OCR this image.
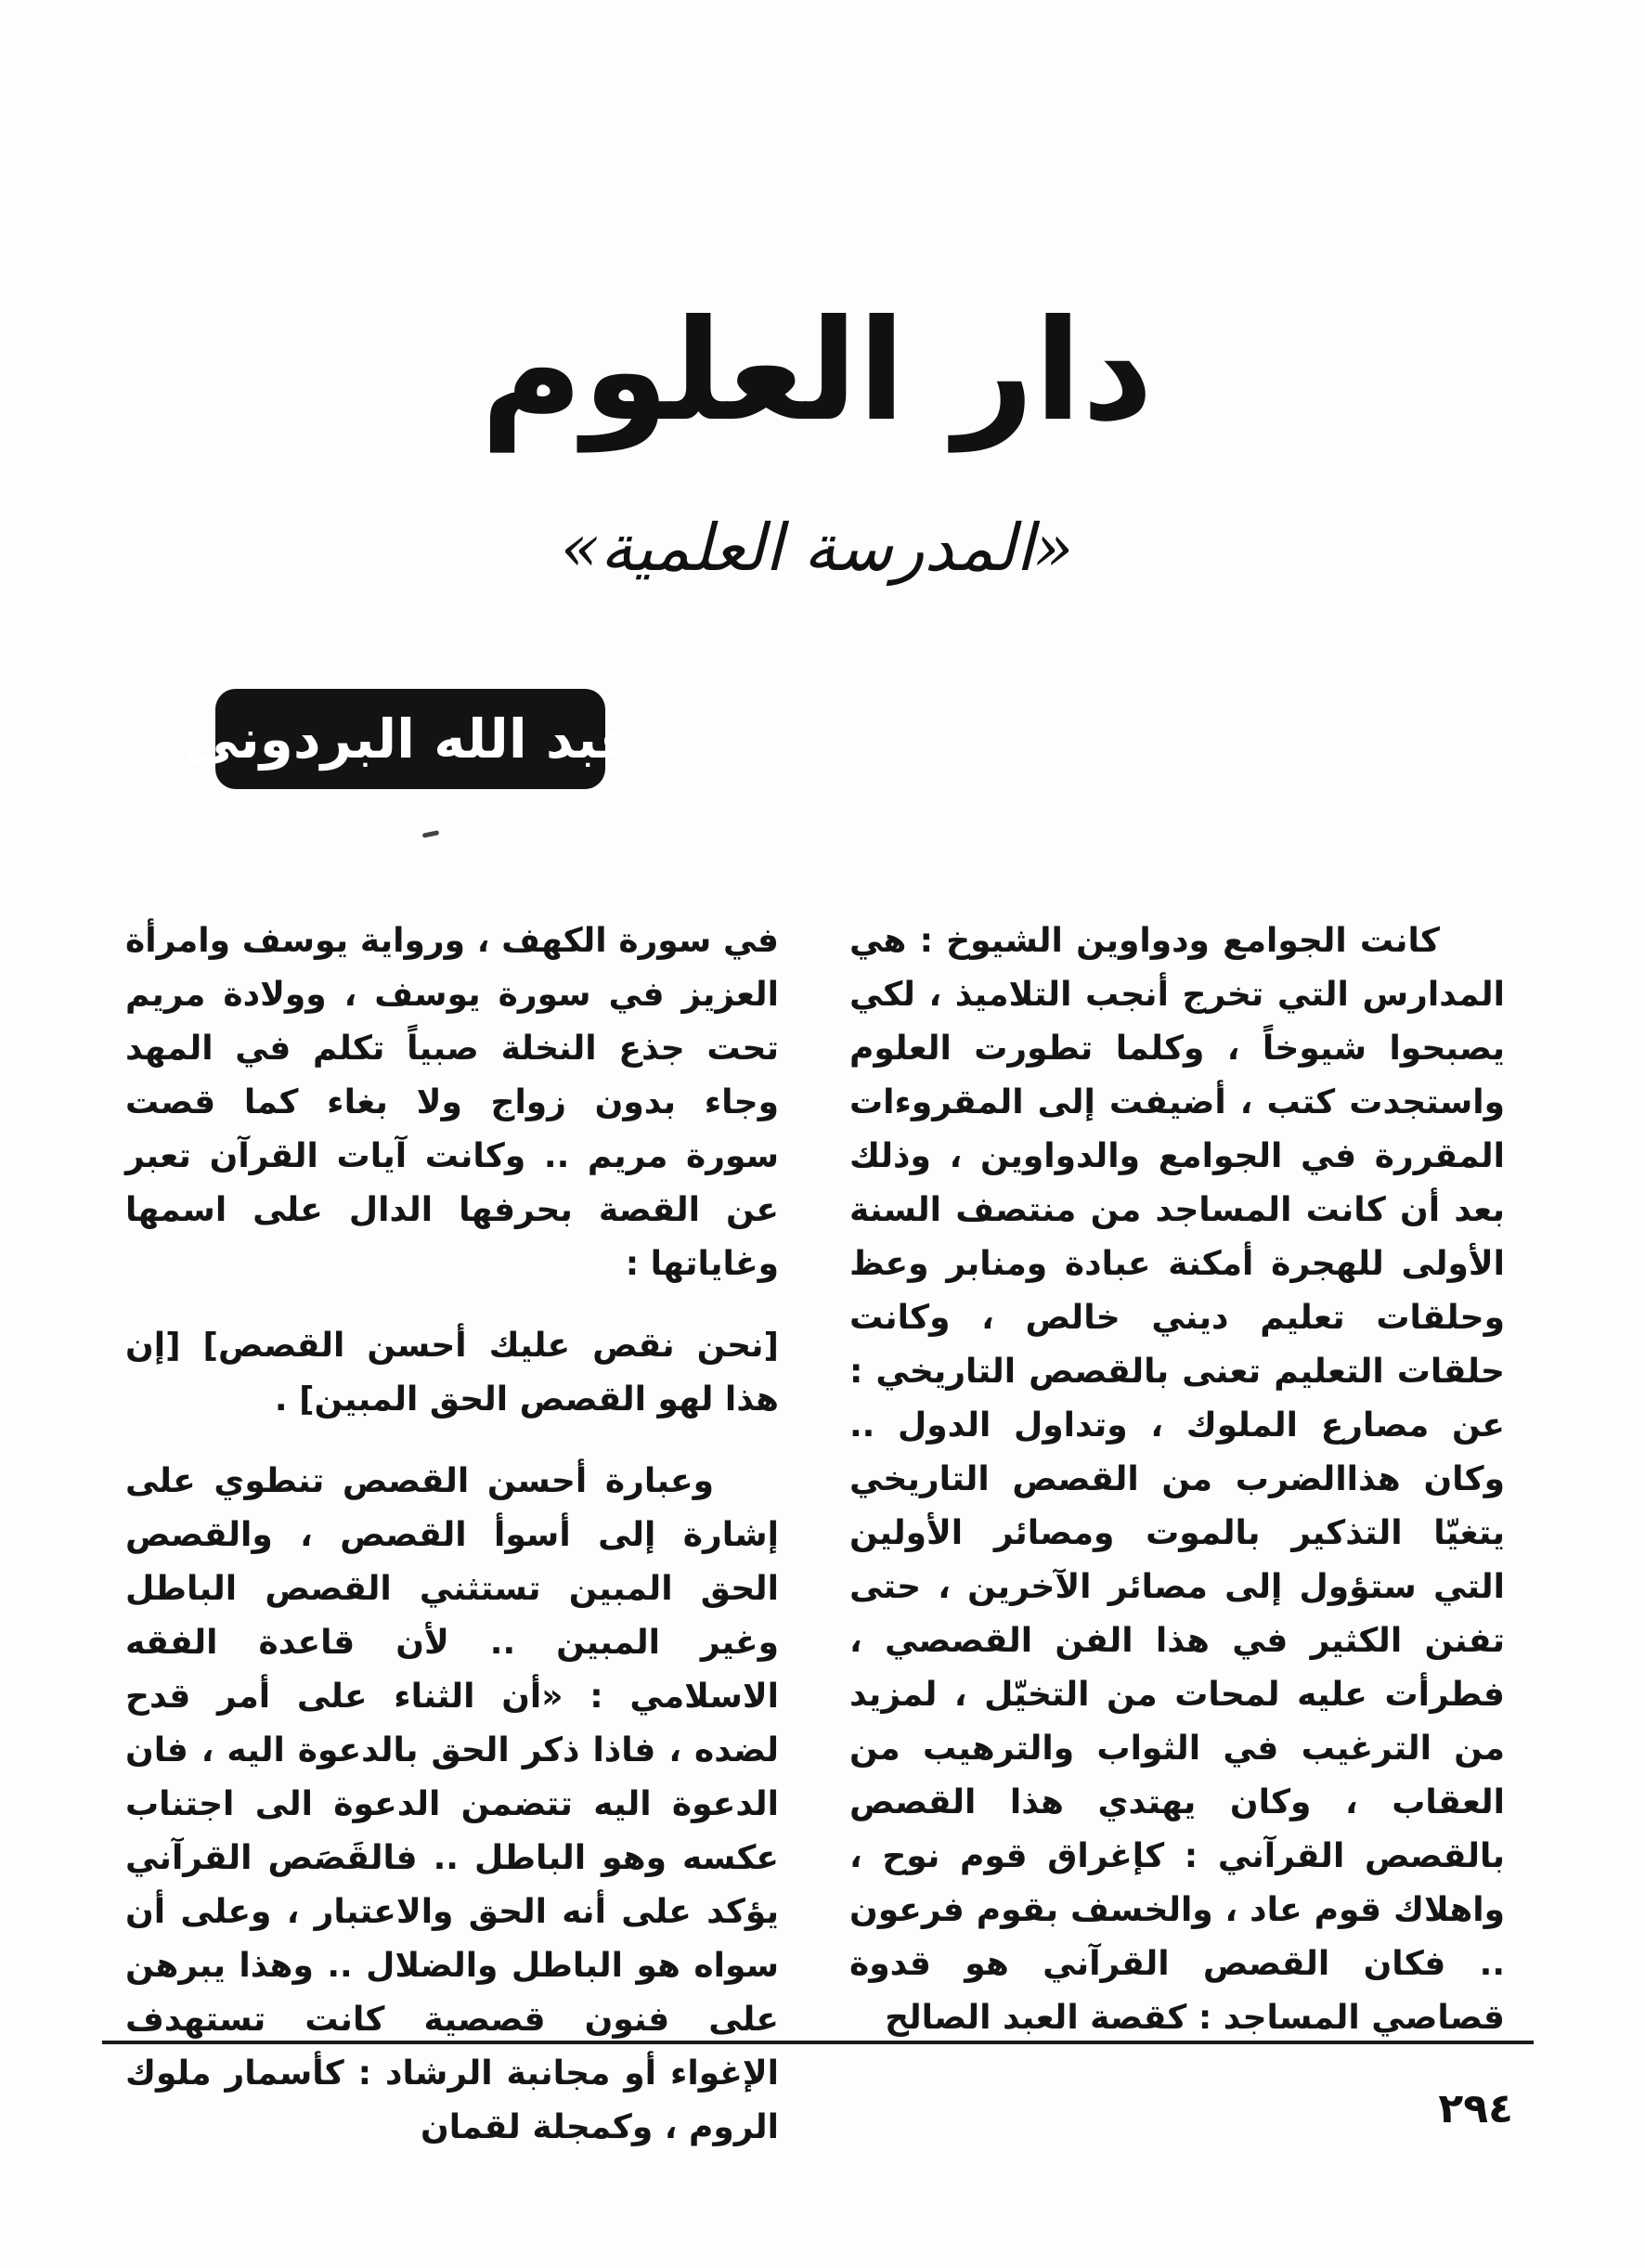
دار العلوم
«المدرسة العلمية»
عبد الله البردوني

كانت الجوامع ودواوين الشيوخ : هي المدارس التي تخرج أنجب التلاميذ ، لكي يصبحوا شيوخاً ، وكلما تطورت العلوم واستجدت كتب ، أضيفت إلى المقروءات المقررة في الجوامع والدواوين ، وذلك بعد أن كانت المساجد من منتصف السنة الأولى للهجرة أمكنة عبادة ومنابر وعظ وحلقات تعليم ديني خالص ، وكانت حلقات التعليم تعنى بالقصص التاريخي : عن مصارع الملوك ، وتداول الدول .. وكان هذاالضرب من القصص التاريخي يتغيّا التذكير بالموت ومصائر الأولين التي ستؤول إلى مصائر الآخرين ، حتى تفنن الكثير في هذا الفن القصصي ، فطرأت عليه لمحات من التخيّل ، لمزيد من الترغيب في الثواب والترهيب من العقاب ، وكان يهتدي هذا القصص بالقصص القرآني : كإغراق قوم نوح ، واهلاك قوم عاد ، والخسف بقوم فرعون .. فكان القصص القرآني هو قدوة قصاصي المساجد : كقصة العبد الصالح

في سورة الكهف ، ورواية يوسف وامرأة العزيز في سورة يوسف ، وولادة مريم تحت جذع النخلة صبياً تكلم في المهد وجاء بدون زواج ولا بغاء كما قصت سورة مريم .. وكانت آيات القرآن تعبر عن القصة بحرفها الدال على اسمها وغاياتها :

[نحن نقص عليك أحسن القصص] [إن هذا لهو القصص الحق المبين] .

وعبارة أحسن القصص تنطوي على إشارة إلى أسوأ القصص ، والقصص الحق المبين تستثني القصص الباطل وغير المبين .. لأن قاعدة الفقه الاسلامي : «أن الثناء على أمر قدح لضده ، فاذا ذكر الحق بالدعوة اليه ، فان الدعوة اليه تتضمن الدعوة الى اجتناب عكسه وهو الباطل .. فالقَصَص القرآني يؤكد على أنه الحق والاعتبار ، وعلى أن سواه هو الباطل والضلال .. وهذا يبرهن على فنون قصصية كانت تستهدف الإغواء أو مجانبة الرشاد : كأسمار ملوك الروم ، وكمجلة لقمان	٢٩٤
